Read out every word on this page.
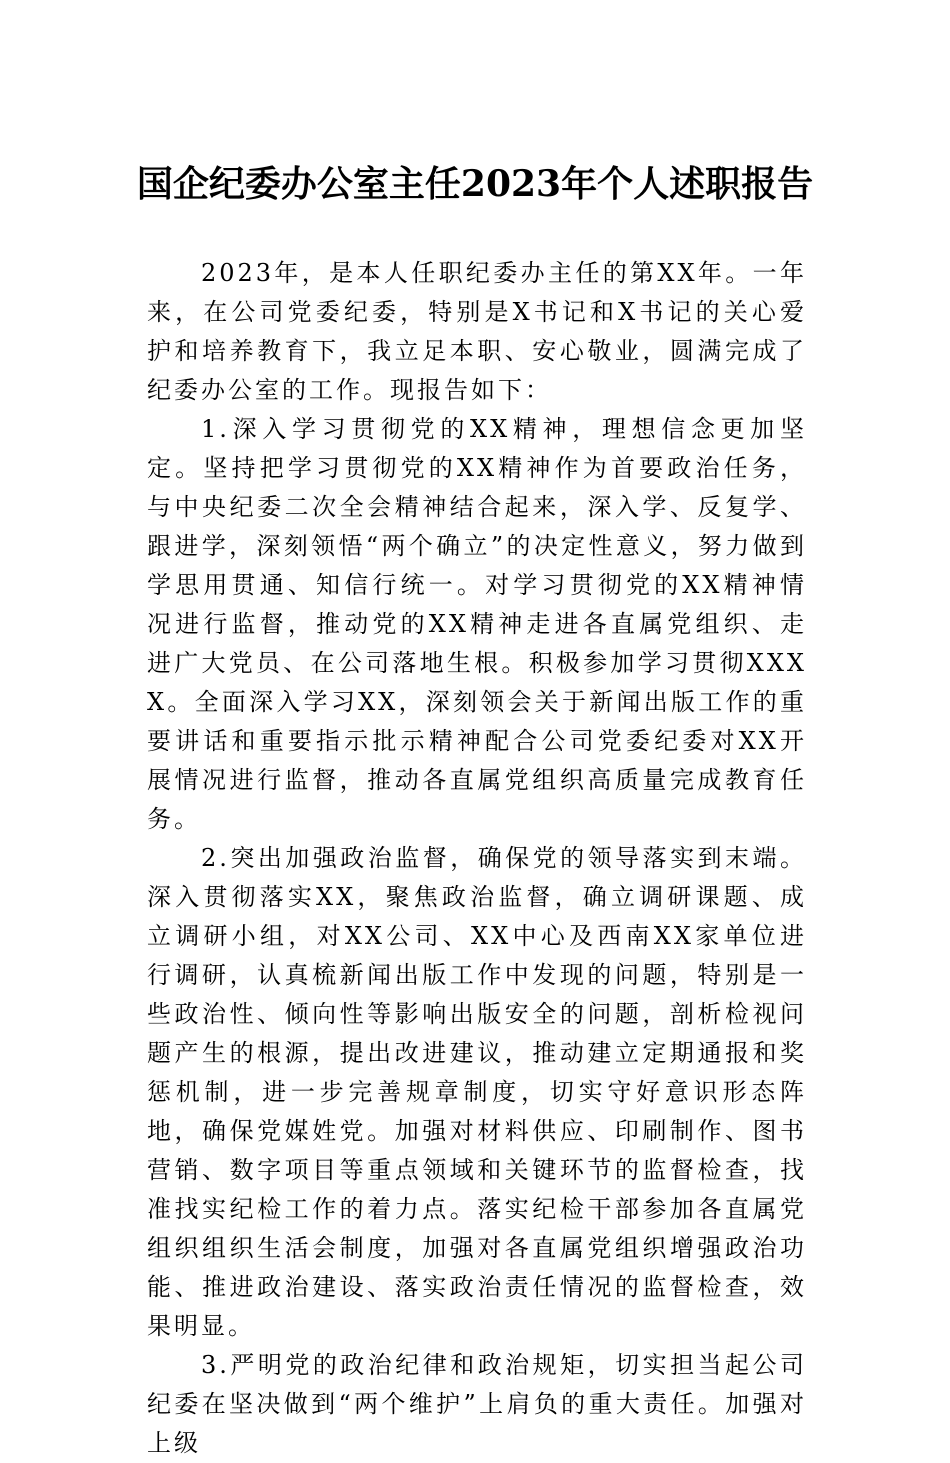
国企纪委办公室主任2023年个人述职报告

2023年，是本人任职纪委办主任的第XX年。一年来，在公司党委纪委，特别是X书记和X书记的关心爱护和培养教育下，我立足本职、安心敬业，圆满完成了纪委办公室的工作。现报告如下：

1.深入学习贯彻党的XX精神，理想信念更加坚定。坚持把学习贯彻党的XX精神作为首要政治任务，与中央纪委二次全会精神结合起来，深入学、反复学、跟进学，深刻领悟“两个确立”的决定性意义，努力做到学思用贯通、知信行统一。对学习贯彻党的XX精神情况进行监督，推动党的XX精神走进各直属党组织、走进广大党员、在公司落地生根。积极参加学习贯彻XXXX。全面深入学习XX，深刻领会关于新闻出版工作的重要讲话和重要指示批示精神配合公司党委纪委对XX开展情况进行监督，推动各直属党组织高质量完成教育任务。

2.突出加强政治监督，确保党的领导落实到末端。深入贯彻落实XX，聚焦政治监督，确立调研课题、成立调研小组，对XX公司、XX中心及西南XX家单位进行调研，认真梳新闻出版工作中发现的问题，特别是一些政治性、倾向性等影响出版安全的问题，剖析检视问题产生的根源，提出改进建议，推动建立定期通报和奖惩机制，进一步完善规章制度，切实守好意识形态阵地，确保党媒姓党。加强对材料供应、印刷制作、图书营销、数字项目等重点领域和关键环节的监督检查，找准找实纪检工作的着力点。落实纪检干部参加各直属党组织组织生活会制度，加强对各直属党组织增强政治功能、推进政治建设、落实政治责任情况的监督检查，效果明显。

3.严明党的政治纪律和政治规矩，切实担当起公司纪委在坚决做到“两个维护”上肩负的重大责任。加强对上级
